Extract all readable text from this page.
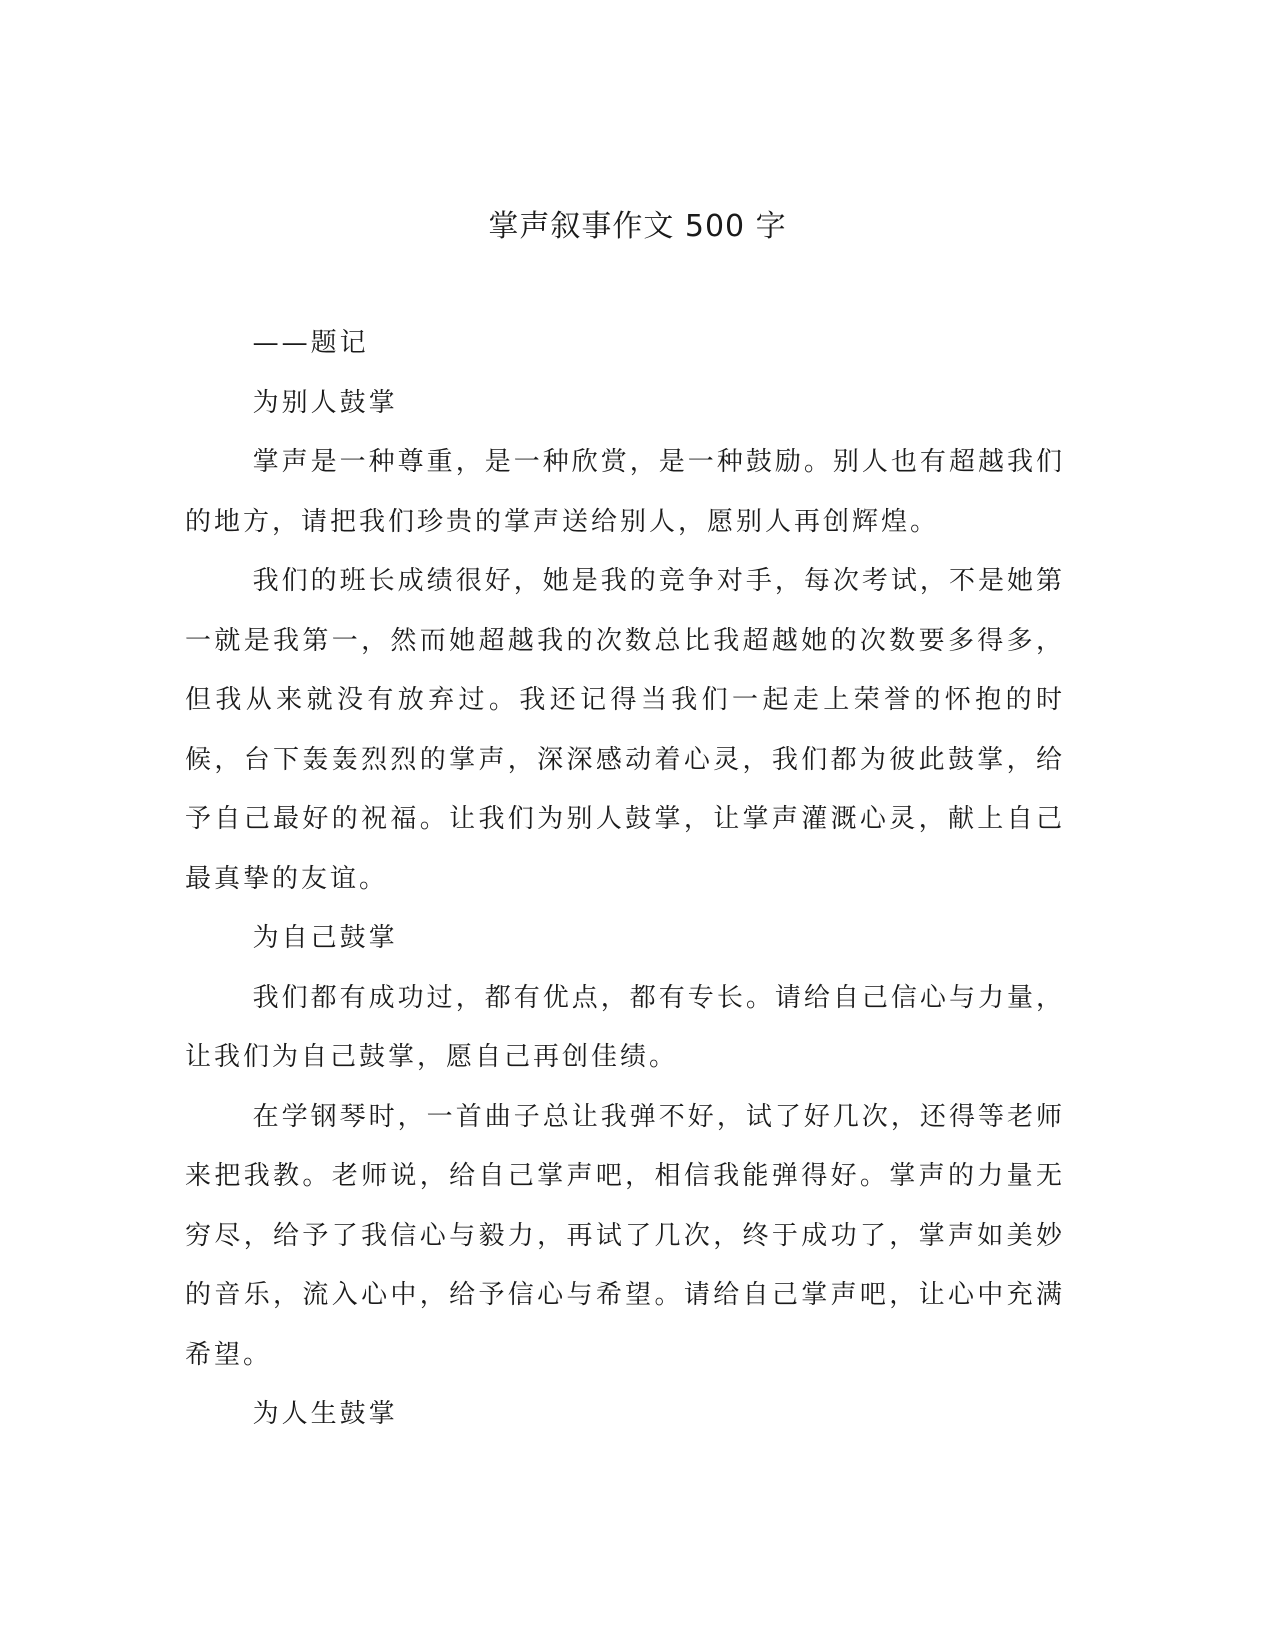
掌声叙事作文 500 字

——题记

为别人鼓掌

掌声是一种尊重，是一种欣赏，是一种鼓励。别人也有超越我们的地方，请把我们珍贵的掌声送给别人，愿别人再创辉煌。

我们的班长成绩很好，她是我的竞争对手，每次考试，不是她第一就是我第一，然而她超越我的次数总比我超越她的次数要多得多，但我从来就没有放弃过。我还记得当我们一起走上荣誉的怀抱的时候，台下轰轰烈烈的掌声，深深感动着心灵，我们都为彼此鼓掌，给予自己最好的祝福。让我们为别人鼓掌，让掌声灌溉心灵，献上自己最真挚的友谊。

为自己鼓掌

我们都有成功过，都有优点，都有专长。请给自己信心与力量，让我们为自己鼓掌，愿自己再创佳绩。

在学钢琴时，一首曲子总让我弹不好，试了好几次，还得等老师来把我教。老师说，给自己掌声吧，相信我能弹得好。掌声的力量无穷尽，给予了我信心与毅力，再试了几次，终于成功了，掌声如美妙的音乐，流入心中，给予信心与希望。请给自己掌声吧，让心中充满希望。

为人生鼓掌
